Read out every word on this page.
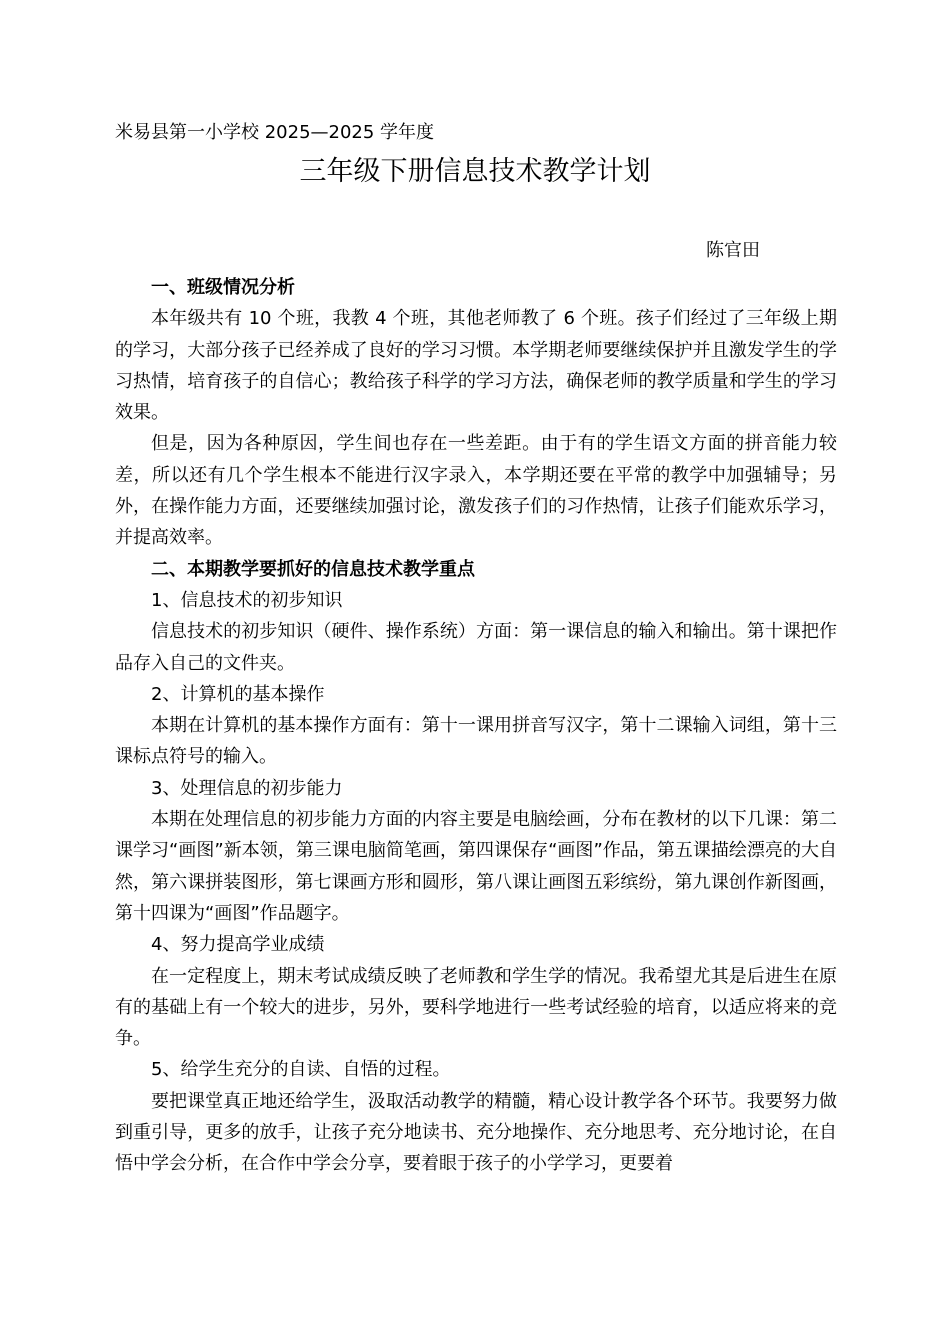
米易县第一小学校 2025—2025 学年度
三年级下册信息技术教学计划
陈官田

一、班级情况分析

本年级共有 10 个班，我教 4 个班，其他老师教了 6 个班。孩子们经过了三年级上期的学习，大部分孩子已经养成了良好的学习习惯。本学期老师要继续保护并且激发学生的学习热情，培育孩子的自信心；教给孩子科学的学习方法，确保老师的教学质量和学生的学习效果。

但是，因为各种原因，学生间也存在一些差距。由于有的学生语文方面的拼音能力较差，所以还有几个学生根本不能进行汉字录入，本学期还要在平常的教学中加强辅导；另外，在操作能力方面，还要继续加强讨论，激发孩子们的习作热情，让孩子们能欢乐学习，并提高效率。

二、本期教学要抓好的信息技术教学重点

1、信息技术的初步知识

信息技术的初步知识（硬件、操作系统）方面：第一课信息的输入和输出。第十课把作品存入自己的文件夹。

2、计算机的基本操作

本期在计算机的基本操作方面有：第十一课用拼音写汉字，第十二课输入词组，第十三课标点符号的输入。

3、处理信息的初步能力

本期在处理信息的初步能力方面的内容主要是电脑绘画，分布在教材的以下几课：第二课学习“画图”新本领，第三课电脑简笔画，第四课保存“画图”作品，第五课描绘漂亮的大自然，第六课拼装图形，第七课画方形和圆形，第八课让画图五彩缤纷，第九课创作新图画，第十四课为“画图”作品题字。

4、努力提高学业成绩

在一定程度上，期末考试成绩反映了老师教和学生学的情况。我希望尤其是后进生在原有的基础上有一个较大的进步，另外，要科学地进行一些考试经验的培育，以适应将来的竞争。

5、给学生充分的自读、自悟的过程。

要把课堂真正地还给学生，汲取活动教学的精髓，精心设计教学各个环节。我要努力做到重引导，更多的放手，让孩子充分地读书、充分地操作、充分地思考、充分地讨论，在自悟中学会分析，在合作中学会分享，要着眼于孩子的小学学习，更要着
